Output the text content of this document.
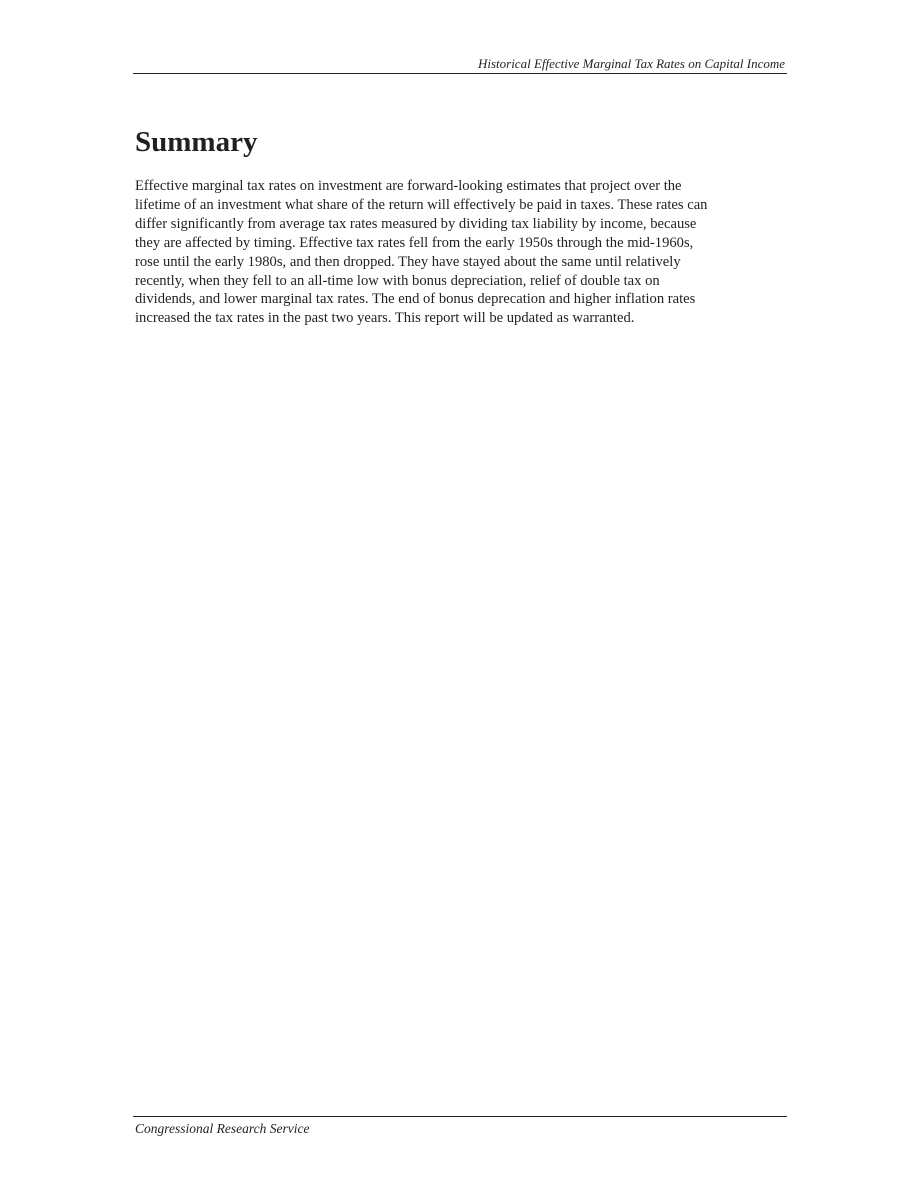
Historical Effective Marginal Tax Rates on Capital Income
Summary

Effective marginal tax rates on investment are forward-looking estimates that project over the
lifetime of an investment what share of the return will effectively be paid in taxes. These rates can
differ significantly from average tax rates measured by dividing tax liability by income, because
they are affected by timing. Effective tax rates fell from the early 1950s through the mid-1960s,
rose until the early 1980s, and then dropped. They have stayed about the same until relatively
recently, when they fell to an all-time low with bonus depreciation, relief of double tax on
dividends, and lower marginal tax rates. The end of bonus deprecation and higher inflation rates
increased the tax rates in the past two years. This report will be updated as warranted.

Congressional Research Service
